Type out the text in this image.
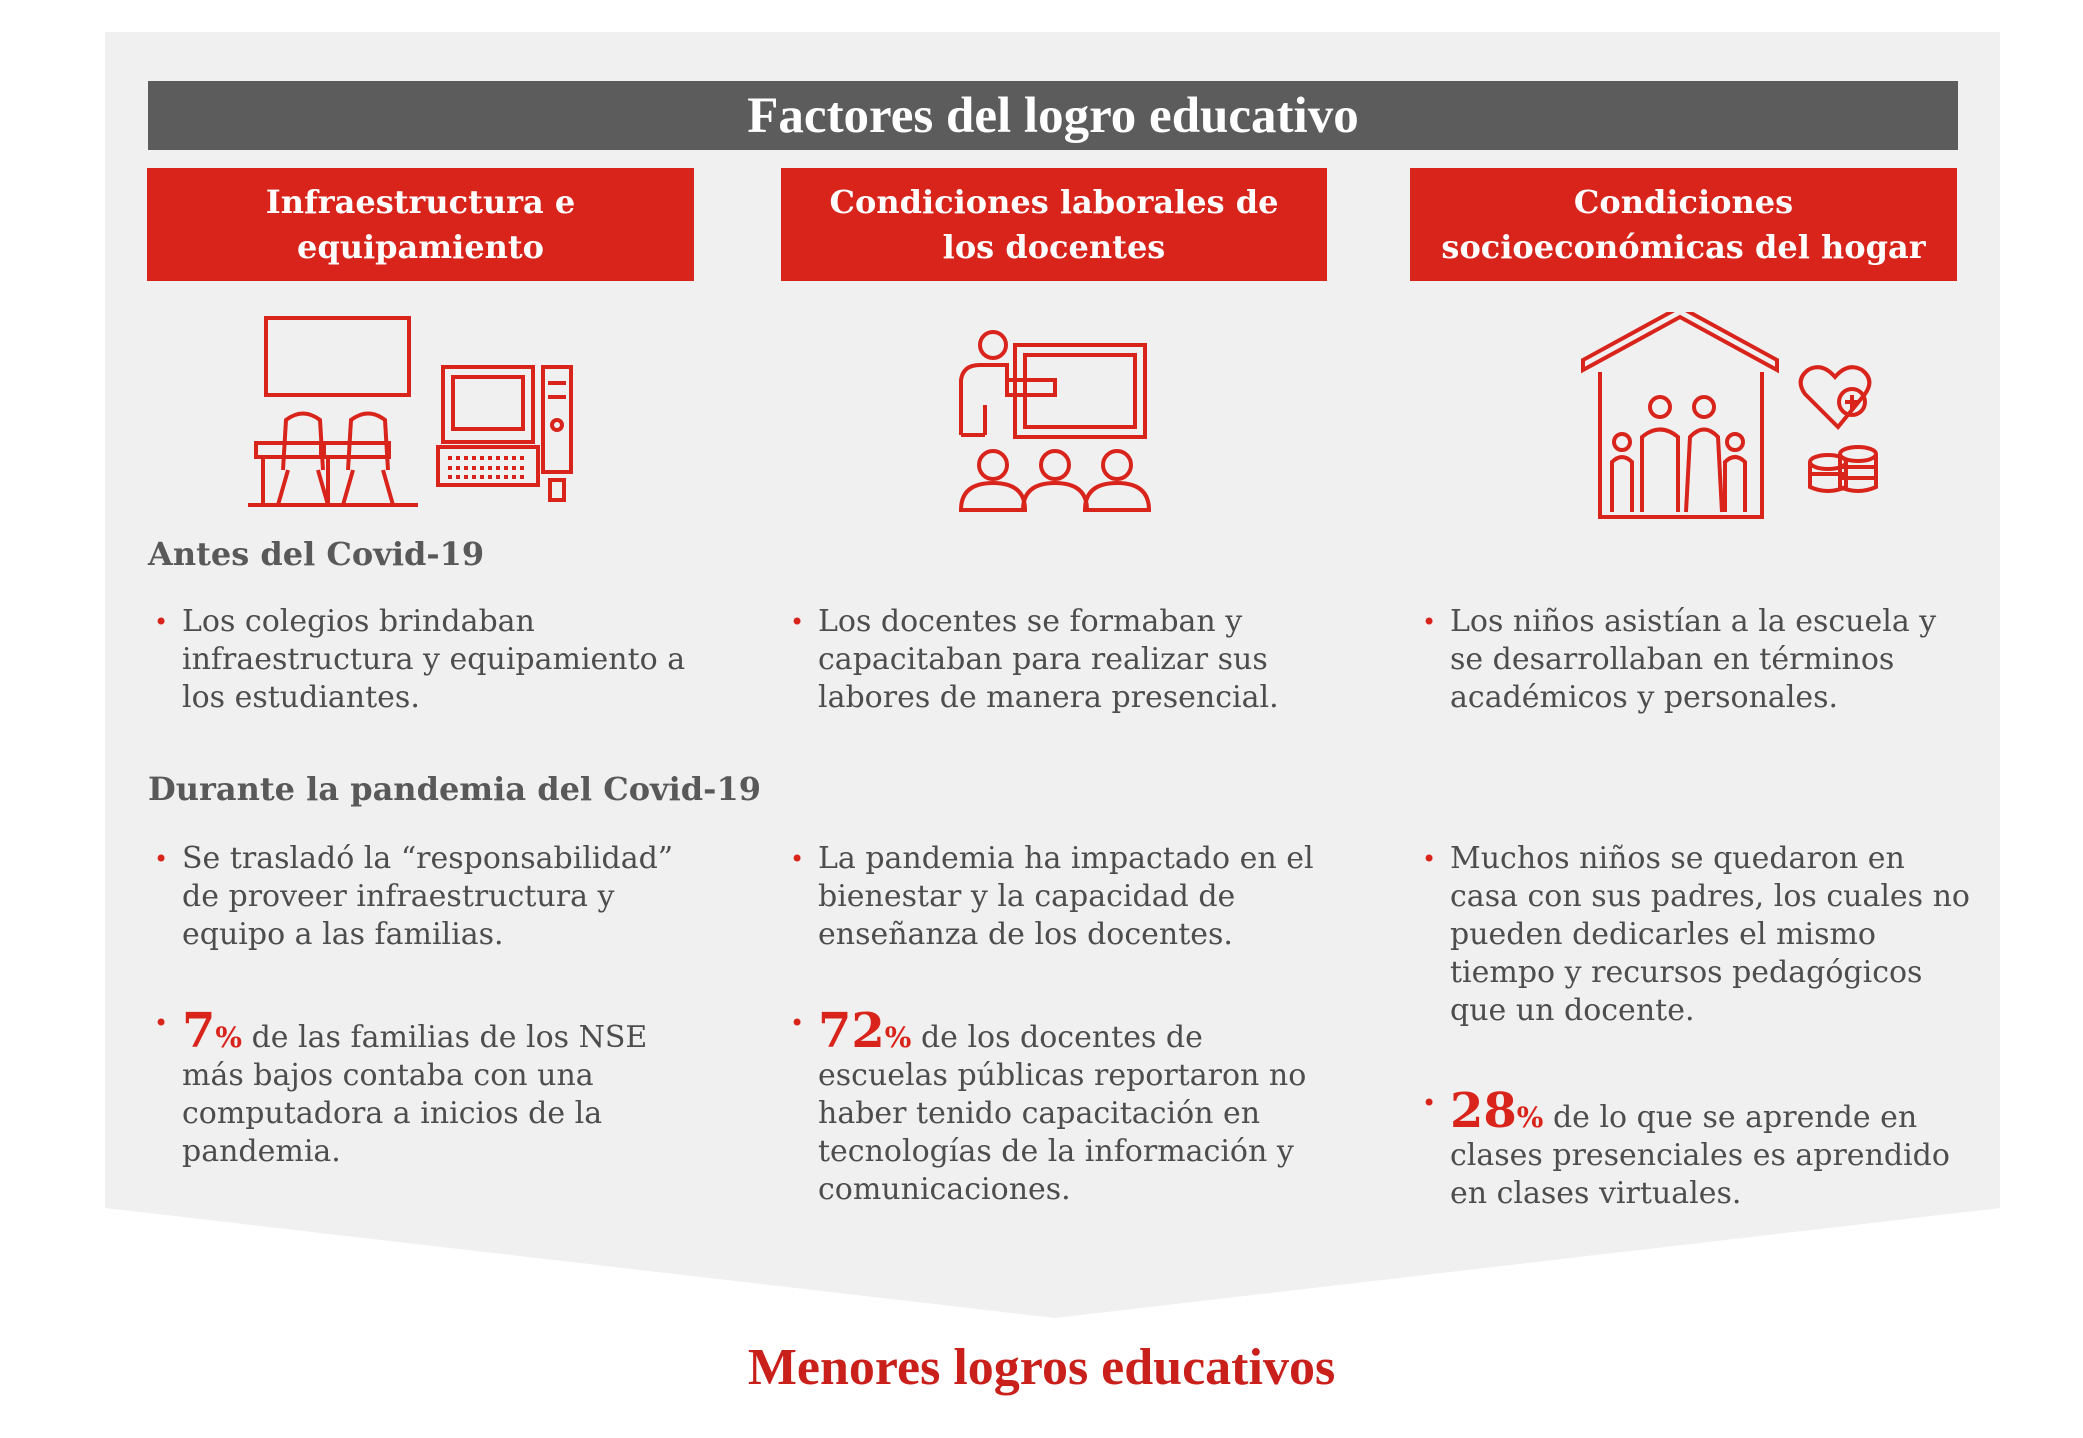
Factores del logro educativo
Infraestructura e equipamiento
Condiciones laborales de los docentes
Condiciones socioeconómicas del hogar
Antes del Covid-19
Durante la pandemia del Covid-19
• Los colegios brindaban infraestructura y equipamiento a los estudiantes.
• Se trasladó la “responsabilidad” de proveer infraestructura y equipo a las familias.
• 7% de las familias de los NSE más bajos contaba con una computadora a inicios de la pandemia.
• Los docentes se formaban y capacitaban para realizar sus labores de manera presencial.
• La pandemia ha impactado en el bienestar y la capacidad de enseñanza de los docentes.
• 72% de los docentes de escuelas públicas reportaron no haber tenido capacitación en tecnologías de la información y comunicaciones.
• Los niños asistían a la escuela y se desarrollaban en términos académicos y personales.
• Muchos niños se quedaron en casa con sus padres, los cuales no pueden dedicarles el mismo tiempo y recursos pedagógicos que un docente.
• 28% de lo que se aprende en clases presenciales es aprendido en clases virtuales.
Menores logros educativos
